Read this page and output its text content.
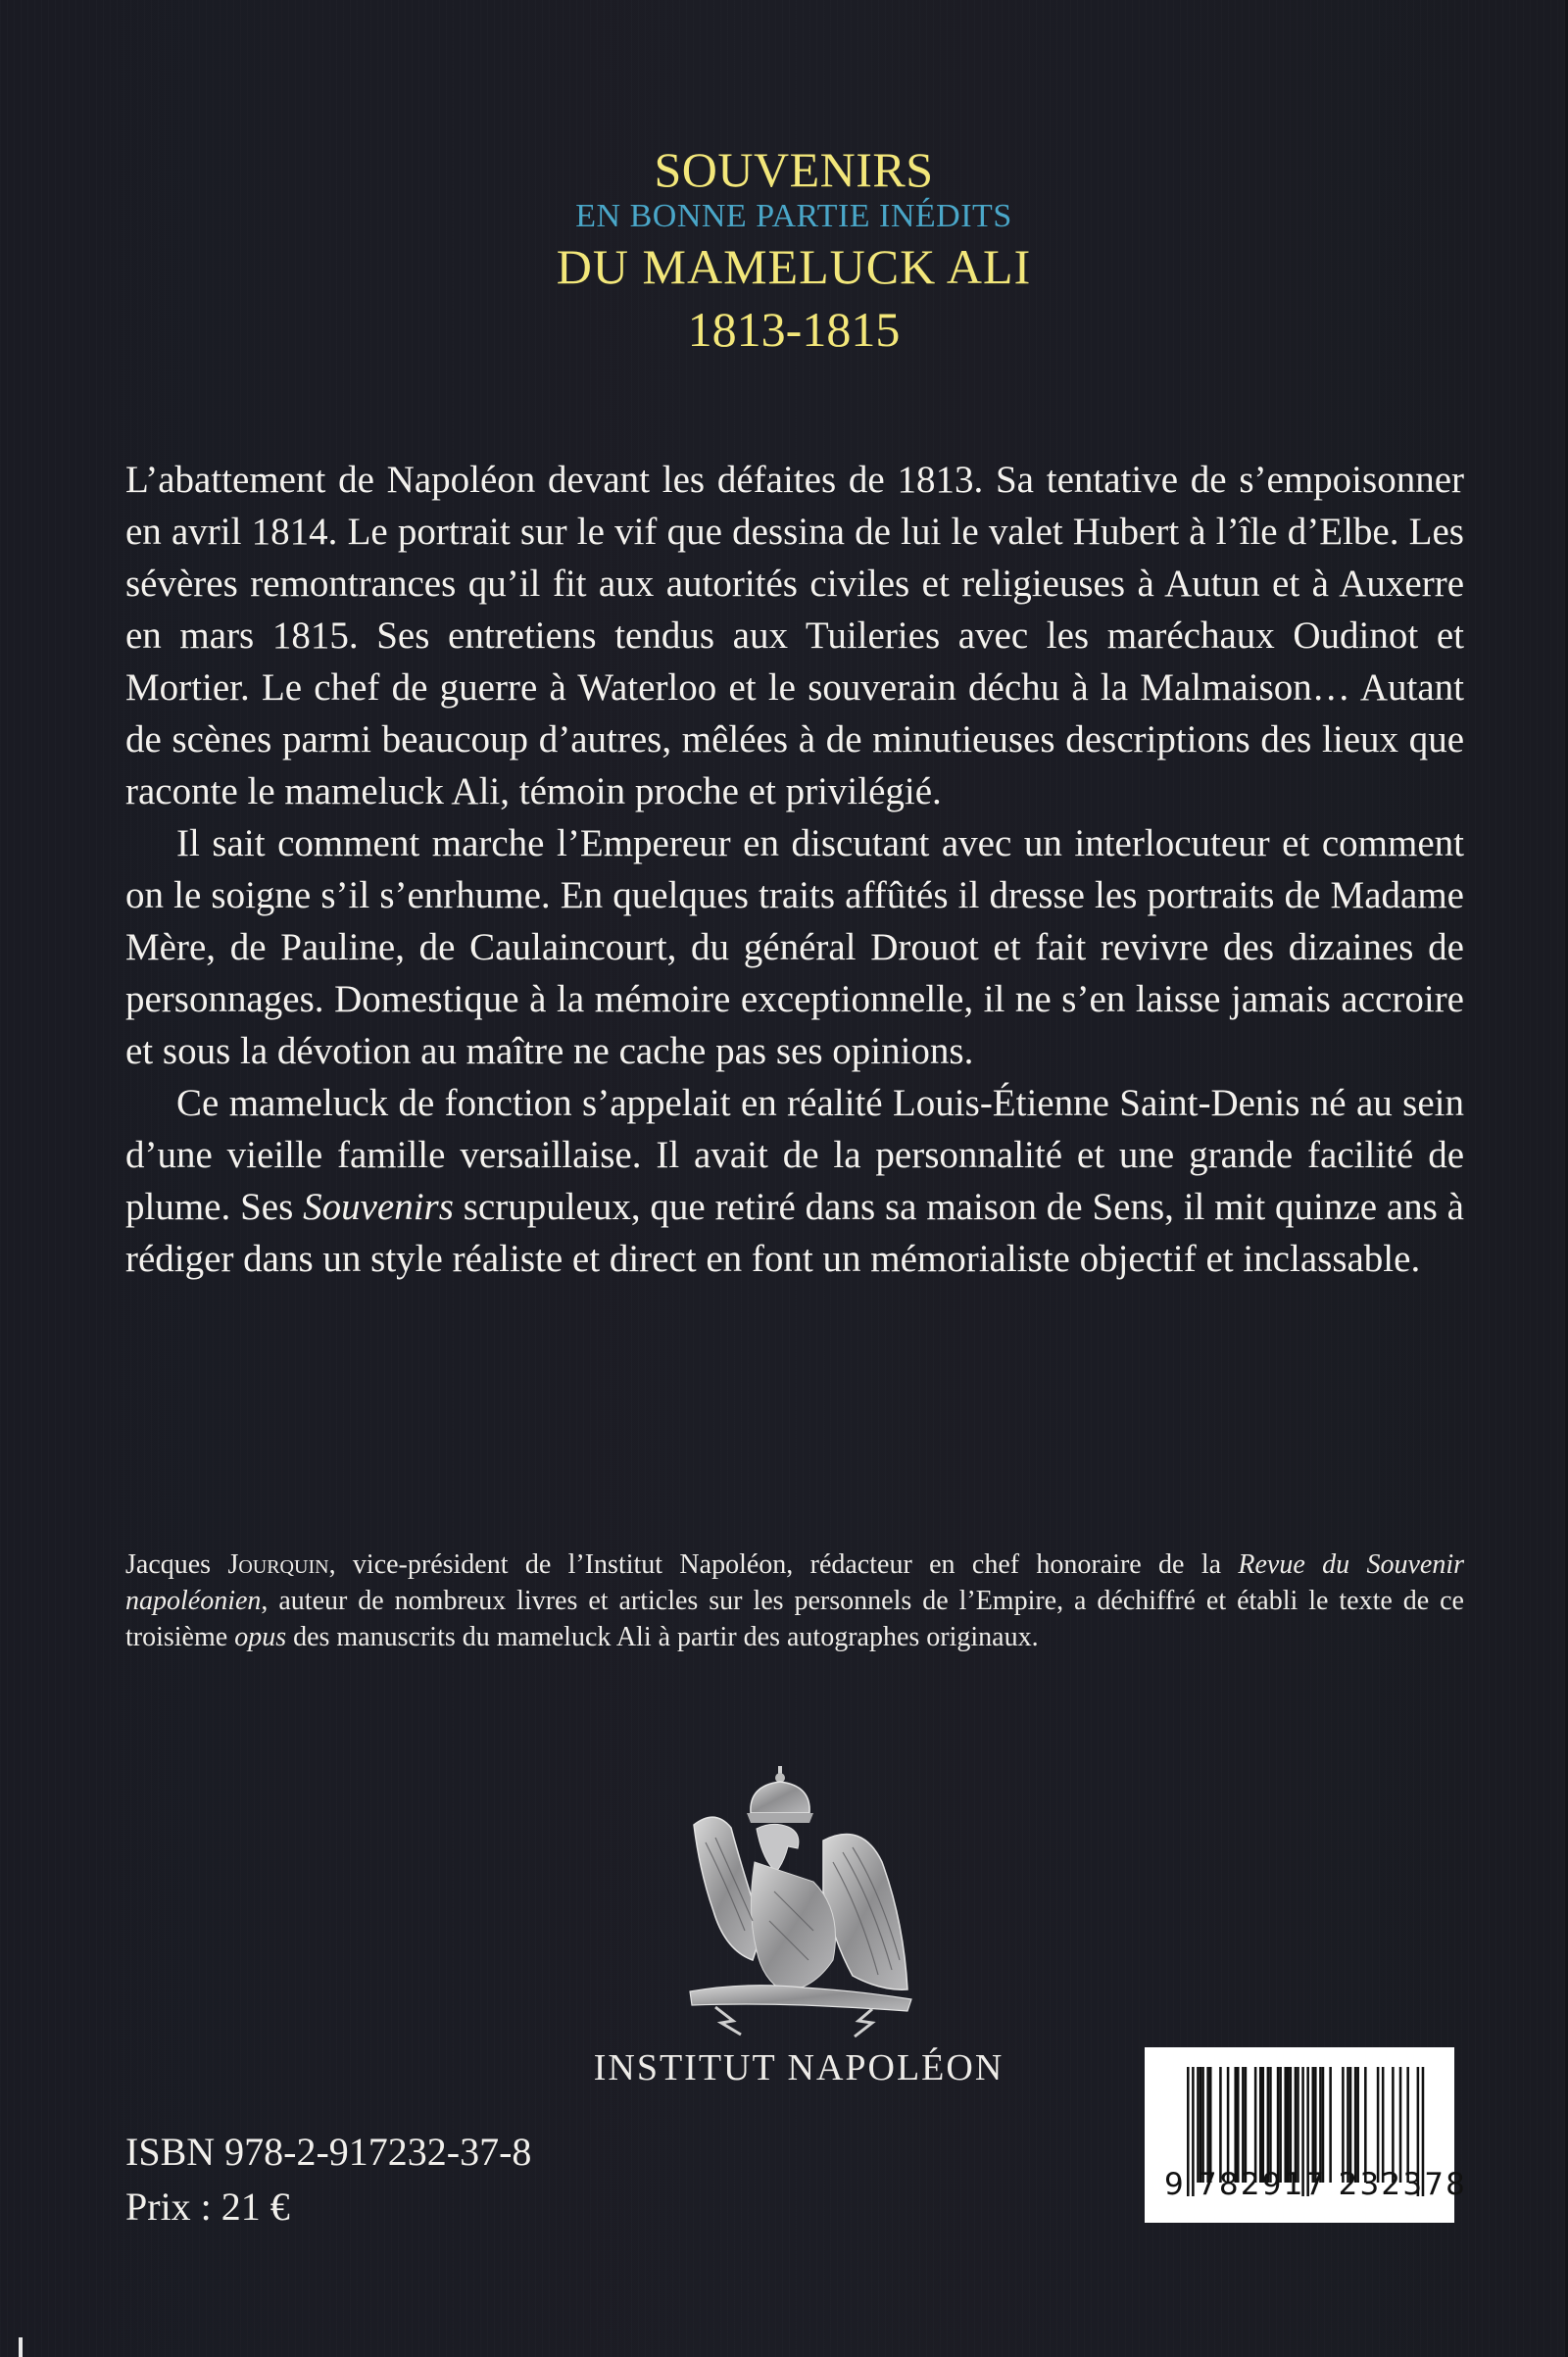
SOUVENIRS
EN BONNE PARTIE INÉDITS
DU MAMELUCK ALI
1813-1815

L’abattement de Napoléon devant les défaites de 1813. Sa tentative de s’empoisonner en avril 1814. Le portrait sur le vif que dessina de lui le valet Hubert à l’île d’Elbe. Les sévères remontrances qu’il fit aux autorités civiles et religieuses à Autun et à Auxerre en mars 1815. Ses entretiens tendus aux Tuileries avec les maréchaux Oudinot et Mortier. Le chef de guerre à Waterloo et le souverain déchu à la Malmaison… Autant de scènes parmi beaucoup d’autres, mêlées à de minutieuses descriptions des lieux que raconte le mameluck Ali, témoin proche et privilégié.

Il sait comment marche l’Empereur en discutant avec un interlocuteur et comment on le soigne s’il s’enrhume. En quelques traits affûtés il dresse les portraits de Madame Mère, de Pauline, de Caulaincourt, du général Drouot et fait revivre des dizaines de personnages. Domestique à la mémoire exceptionnelle, il ne s’en laisse jamais accroire et sous la dévotion au maître ne cache pas ses opinions.

Ce mameluck de fonction s’appelait en réalité Louis-Étienne Saint-Denis né au sein d’une vieille famille versaillaise. Il avait de la personnalité et une grande facilité de plume. Ses Souvenirs scrupuleux, que retiré dans sa maison de Sens, il mit quinze ans à rédiger dans un style réaliste et direct en font un mémorialiste objectif et inclassable.

Jacques Jourquin, vice-président de l’Institut Napoléon, rédacteur en chef honoraire de la Revue du Souvenir napoléonien, auteur de nombreux livres et articles sur les personnels de l’Empire, a déchiffré et établi le texte de ce troisième opus des manuscrits du mameluck Ali à partir des autographes originaux.

INSTITUT NAPOLÉON
ISBN 978-2-917232-37-8
Prix : 21 €	9 782917 232378
